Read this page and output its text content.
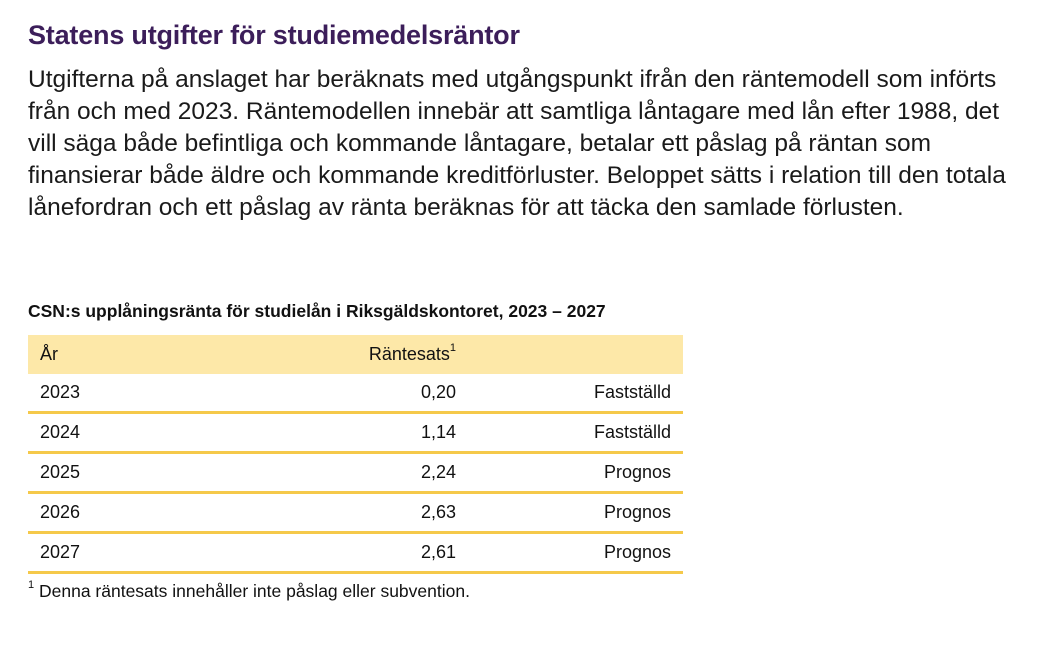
Statens utgifter för studiemedelsräntor

Utgifterna på anslaget har beräknats med utgångspunkt ifrån den räntemodell som införts från och med 2023. Räntemodellen innebär att samtliga låntagare med lån efter 1988, det vill säga både befintliga och kommande låntagare, betalar ett påslag på räntan som finansierar både äldre och kommande kreditförluster. Beloppet sätts i relation till den totala lånefordran och ett påslag av ränta beräknas för att täcka den samlade förlusten.

CSN:s upplåningsränta för studielån i Riksgäldskontoret, 2023 – 2027

År	Räntesats$^1$	
2023	0,20	Fastställd
2024	1,14	Fastställd
2025	2,24	Prognos
2026	2,63	Prognos
2027	2,61	Prognos

$^1$ Denna räntesats innehåller inte påslag eller subvention.
